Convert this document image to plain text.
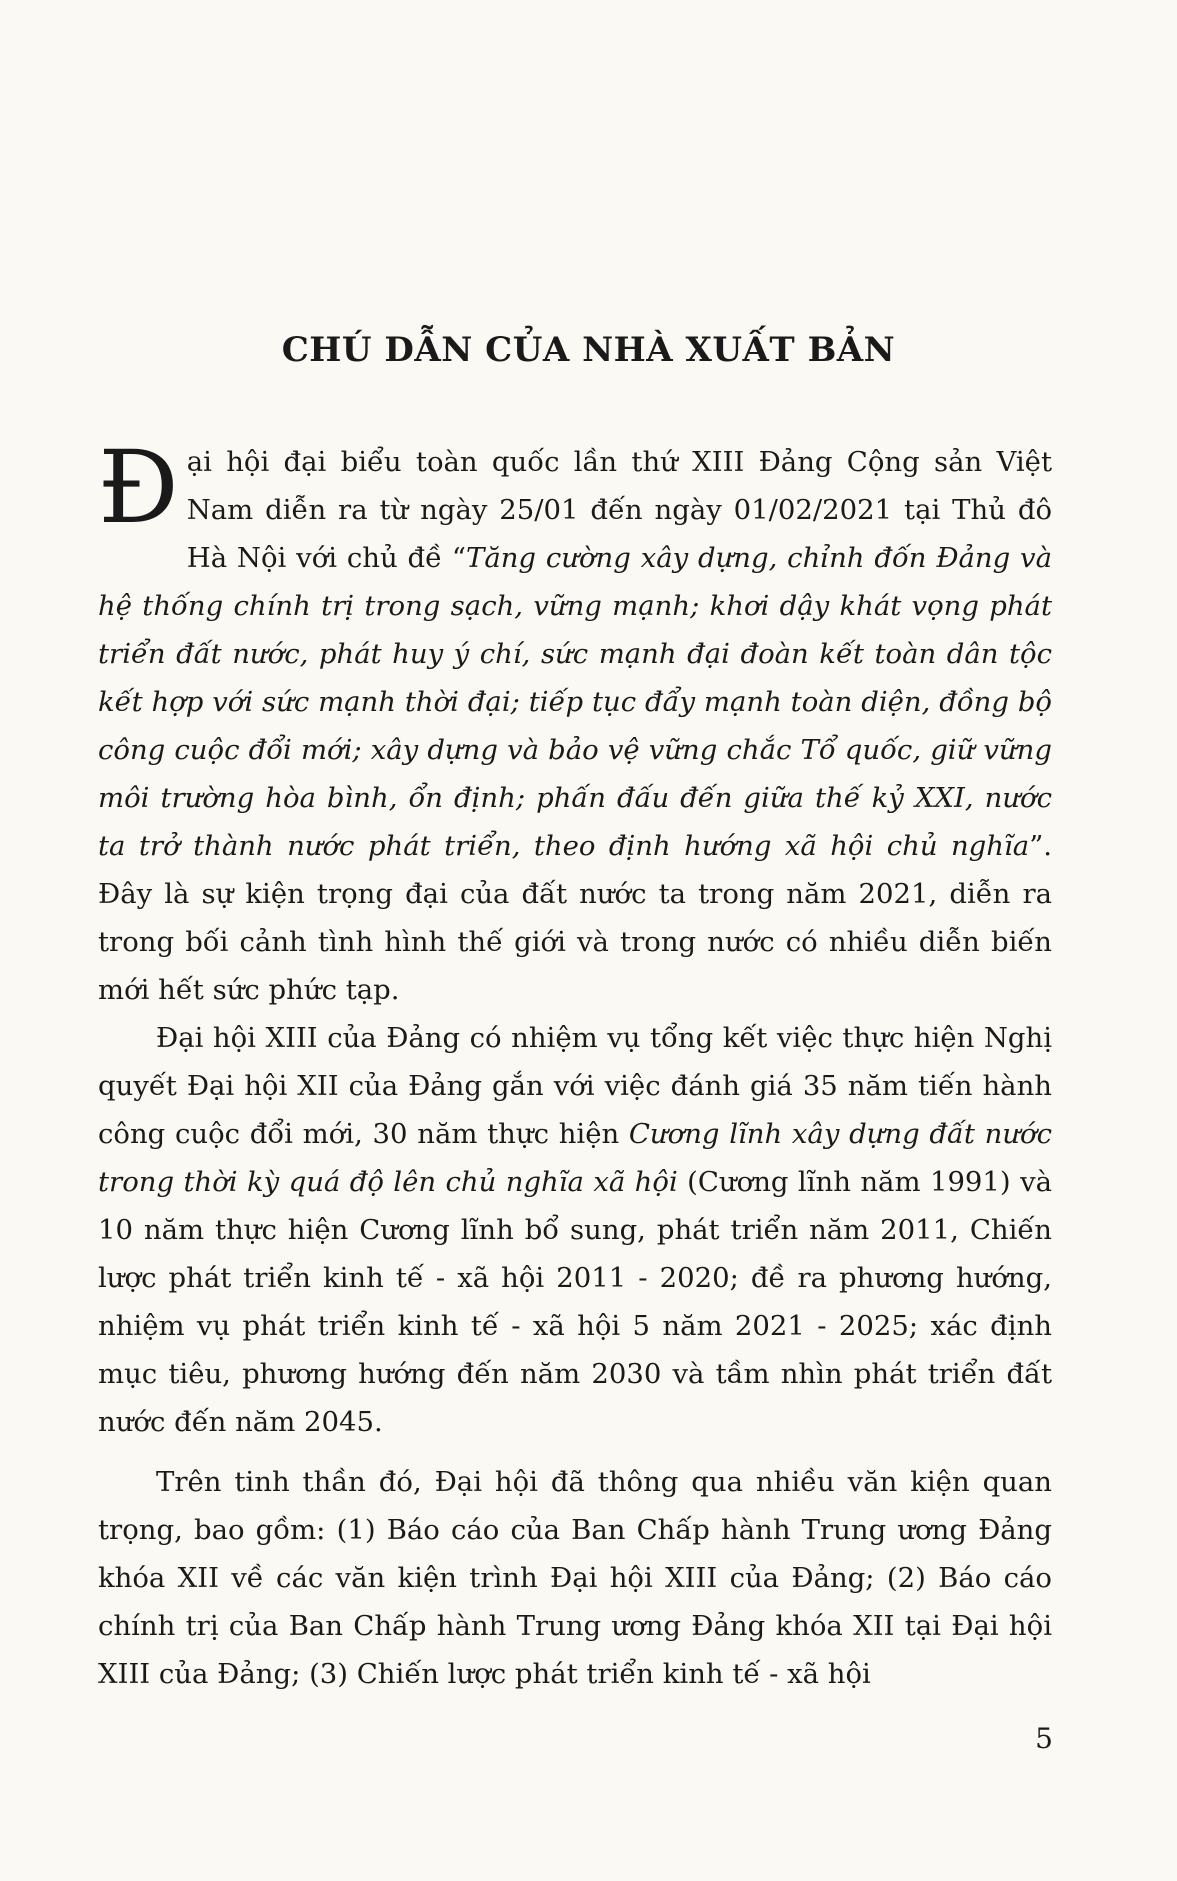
CHÚ DẪN CỦA NHÀ XUẤT BẢN

Đại hội đại biểu toàn quốc lần thứ XIII Đảng Cộng sản Việt Nam diễn ra từ ngày 25/01 đến ngày 01/02/2021 tại Thủ đô Hà Nội với chủ đề “Tăng cường xây dựng, chỉnh đốn Đảng và hệ thống chính trị trong sạch, vững mạnh; khơi dậy khát vọng phát triển đất nước, phát huy ý chí, sức mạnh đại đoàn kết toàn dân tộc kết hợp với sức mạnh thời đại; tiếp tục đẩy mạnh toàn diện, đồng bộ công cuộc đổi mới; xây dựng và bảo vệ vững chắc Tổ quốc, giữ vững môi trường hòa bình, ổn định; phấn đấu đến giữa thế kỷ XXI, nước ta trở thành nước phát triển, theo định hướng xã hội chủ nghĩa”. Đây là sự kiện trọng đại của đất nước ta trong năm 2021, diễn ra trong bối cảnh tình hình thế giới và trong nước có nhiều diễn biến mới hết sức phức tạp.

Đại hội XIII của Đảng có nhiệm vụ tổng kết việc thực hiện Nghị quyết Đại hội XII của Đảng gắn với việc đánh giá 35 năm tiến hành công cuộc đổi mới, 30 năm thực hiện Cương lĩnh xây dựng đất nước trong thời kỳ quá độ lên chủ nghĩa xã hội (Cương lĩnh năm 1991) và 10 năm thực hiện Cương lĩnh bổ sung, phát triển năm 2011, Chiến lược phát triển kinh tế - xã hội 2011 - 2020; đề ra phương hướng, nhiệm vụ phát triển kinh tế - xã hội 5 năm 2021 - 2025; xác định mục tiêu, phương hướng đến năm 2030 và tầm nhìn phát triển đất nước đến năm 2045.

Trên tinh thần đó, Đại hội đã thông qua nhiều văn kiện quan trọng, bao gồm: (1) Báo cáo của Ban Chấp hành Trung ương Đảng khóa XII về các văn kiện trình Đại hội XIII của Đảng; (2) Báo cáo chính trị của Ban Chấp hành Trung ương Đảng khóa XII tại Đại hội XIII của Đảng; (3) Chiến lược phát triển kinh tế - xã hội

5
